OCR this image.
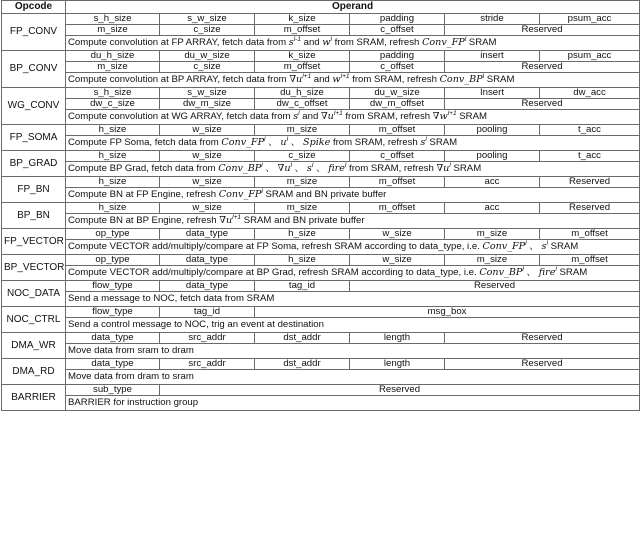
Opcode	Operand					
FP_CONV	s_h_size	s_w_size	k_size	padding	stride	psum_acc
	m_size	c_size	m_offset	c_offset	Reserved	
	Compute convolution at FP ARRAY, fetch data from $s^{l-1}$ and $w^l$ from SRAM, refresh $Conv\_FP^l$ SRAM					
BP_CONV	du_h_size	du_w_size	k_size	padding	insert	psum_acc
	m_size	c_size	m_offset	c_offset	Reserved	
	Compute convolution at BP ARRAY, fetch data from $\nabla u^{l+1}$ and $w^{l+1}$ from SRAM, refresh $Conv\_BP^l$ SRAM					
WG_CONV	s_h_size	s_w_size	du_h_size	du_w_size	Insert	dw_acc
	dw_c_size	dw_m_size	dw_c_offset	dw_m_offset	Reserved	
	Compute convolution at WG ARRAY, fetch data from $s^l$ and $\nabla u^{l+1}$ from SRAM, refresh $\nabla w^{l+1}$ SRAM					
FP_SOMA	h_size	w_size	m_size	m_offset	pooling	t_acc
	Compute FP Soma, fetch data from $Conv\_FP^l$ 、 $u^l$ 、 Spike from SRAM, refresh $s^l$ SRAM					
BP_GRAD	h_size	w_size	c_size	c_offset	pooling	t_acc
	Compute BP Grad, fetch data from $Conv\_BP^l$ 、 $\nabla u^l$ 、 $s^l$ 、 fire$^l$ from SRAM, refresh $\nabla u^l$ SRAM					
FP_BN	h_size	w_size	m_size	m_offset	acc	Reserved
	Compute BN at FP Engine, refresh $Conv\_FP^l$ SRAM and BN private buffer					
BP_BN	h_size	w_size	m_size	m_offset	acc	Reserved
	Compute BN at BP Engine, refresh $\nabla u^{l+1}$ SRAM and BN private buffer					
FP_VECTOR	op_type	data_type	h_size	w_size	m_size	m_offset
	Compute VECTOR add/multiply/compare at FP Soma, refresh SRAM according to data_type, i.e. $Conv\_FP^l$ 、 $s^l$ SRAM					
BP_VECTOR	op_type	data_type	h_size	w_size	m_size	m_offset
	Compute VECTOR add/multiply/compare at BP Grad, refresh SRAM according to data_type, i.e. $Conv\_BP^l$ 、 fire$^l$ SRAM					
NOC_DATA	flow_type	data_type	tag_id	Reserved		
	Send a message to NOC, fetch data from SRAM					
NOC_CTRL	flow_type	tag_id	msg_box			
	Send a control message to NOC, trig an event at destination					
DMA_WR	data_type	src_addr	dst_addr	length	Reserved	
	Move data from sram to dram					
DMA_RD	data_type	src_addr	dst_addr	length	Reserved	
	Move data from dram to sram					
BARRIER	sub_type	Reserved				
	BARRIER for instruction group					
